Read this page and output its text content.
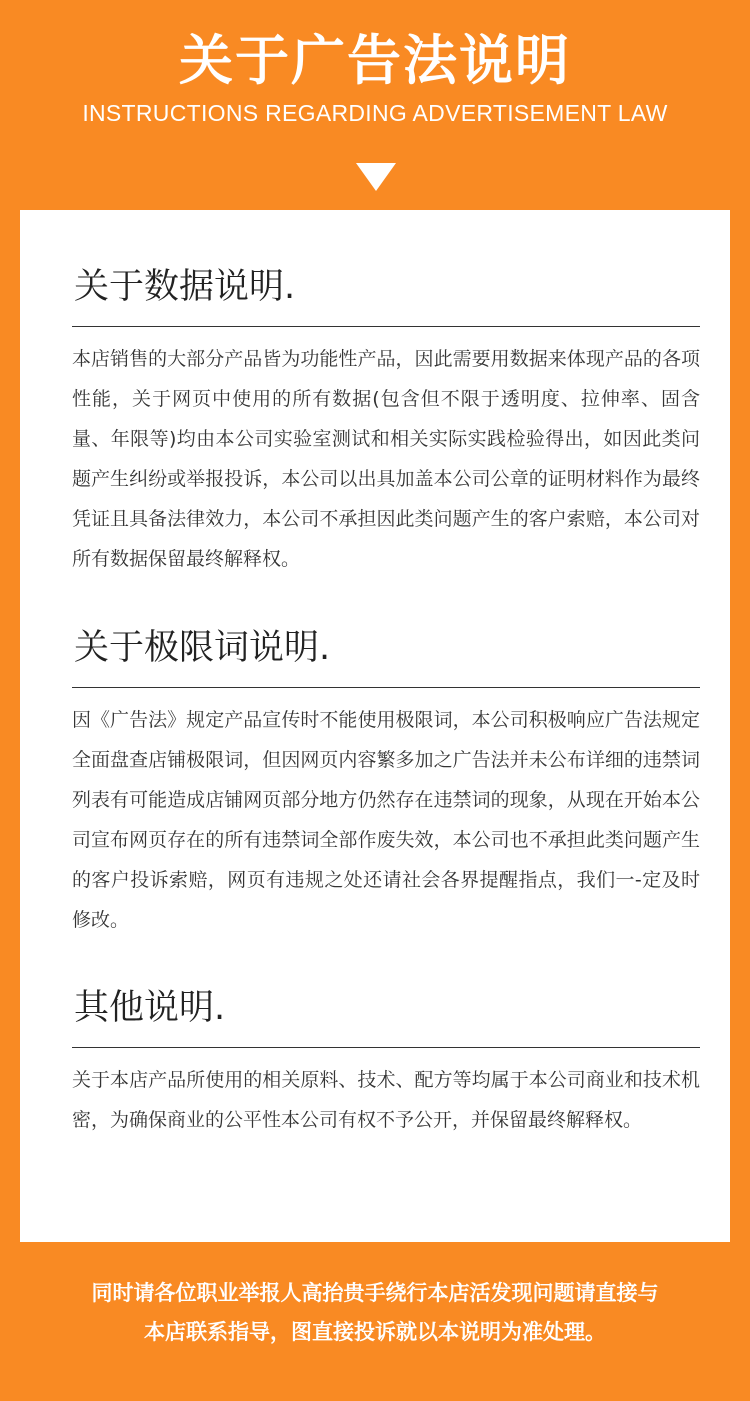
关于广告法说明
INSTRUCTIONS REGARDING ADVERTISEMENT LAW
关于数据说明.
本店销售的大部分产品皆为功能性产品，因此需要用数据来体现产品的各项性能，关于网页中使用的所有数据(包含但不限于透明度、拉伸率、固含量、年限等)均由本公司实验室测试和相关实际实践检验得出，如因此类问题产生纠纷或举报投诉，本公司以出具加盖本公司公章的证明材料作为最终凭证且具备法律效力，本公司不承担因此类问题产生的客户索赔，本公司对所有数据保留最终解释权。
关于极限词说明.
因《广告法》规定产品宣传时不能使用极限词，本公司积极响应广告法规定全面盘查店铺极限词，但因网页内容繁多加之广告法并未公布详细的违禁词列表有可能造成店铺网页部分地方仍然存在违禁词的现象，从现在开始本公司宣布网页存在的所有违禁词全部作废失效，本公司也不承担此类问题产生的客户投诉索赔，网页有违规之处还请社会各界提醒指点，我们一-定及时修改。
其他说明.
关于本店产品所使用的相关原料、技术、配方等均属于本公司商业和技术机密，为确保商业的公平性本公司有权不予公开，并保留最终解释权。
同时请各位职业举报人高抬贵手绕行本店活发现问题请直接与
本店联系指导，图直接投诉就以本说明为准处理。
